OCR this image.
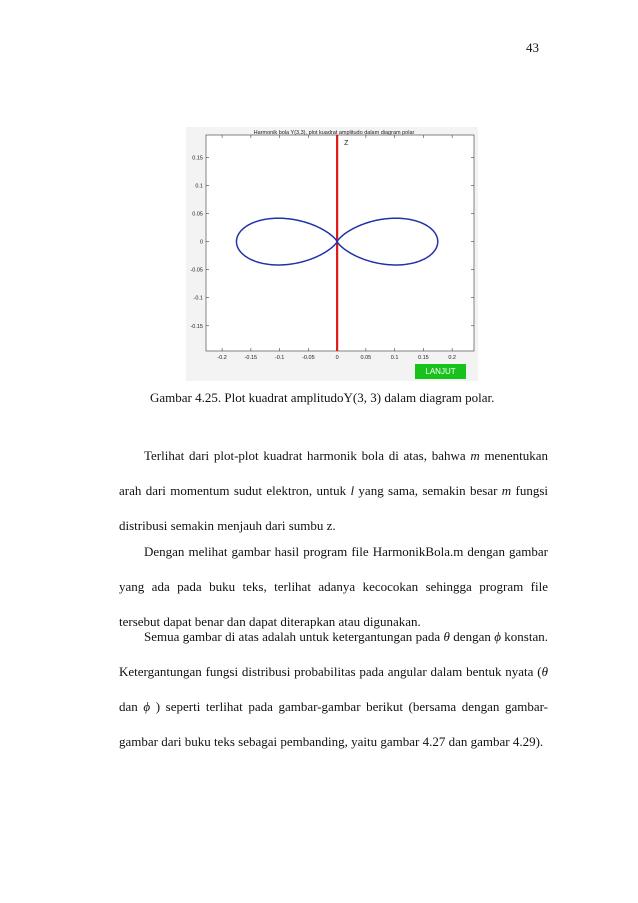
43
Harmonik bola Y(3,3), plot kuadrat amplitudo dalam diagram polar
-0.2	-0.15	-0.1	-0.05	0	0.05	0.1	0.15	0.2
0.15
0.1
0.05
0
-0.05
-0.1
-0.15
Z
LANJUT
Gambar 4.25. Plot kuadrat amplitudoY(3, 3) dalam diagram polar.

Terlihat dari plot-plot kuadrat harmonik bola di atas, bahwa m menentukan
arah dari momentum sudut elektron, untuk l yang sama, semakin besar m fungsi
distribusi semakin menjauh dari sumbu z.

Dengan melihat gambar hasil program file HarmonikBola.m dengan gambar
yang ada pada buku teks, terlihat adanya kecocokan sehingga program file
tersebut dapat benar dan dapat diterapkan atau digunakan.

Semua gambar di atas adalah untuk ketergantungan pada θ dengan ϕ konstan.
Ketergantungan fungsi distribusi probabilitas pada angular dalam bentuk nyata (θ
dan ϕ ) seperti terlihat pada gambar-gambar berikut (bersama dengan gambar-
gambar dari buku teks sebagai pembanding, yaitu gambar 4.27 dan gambar 4.29).
